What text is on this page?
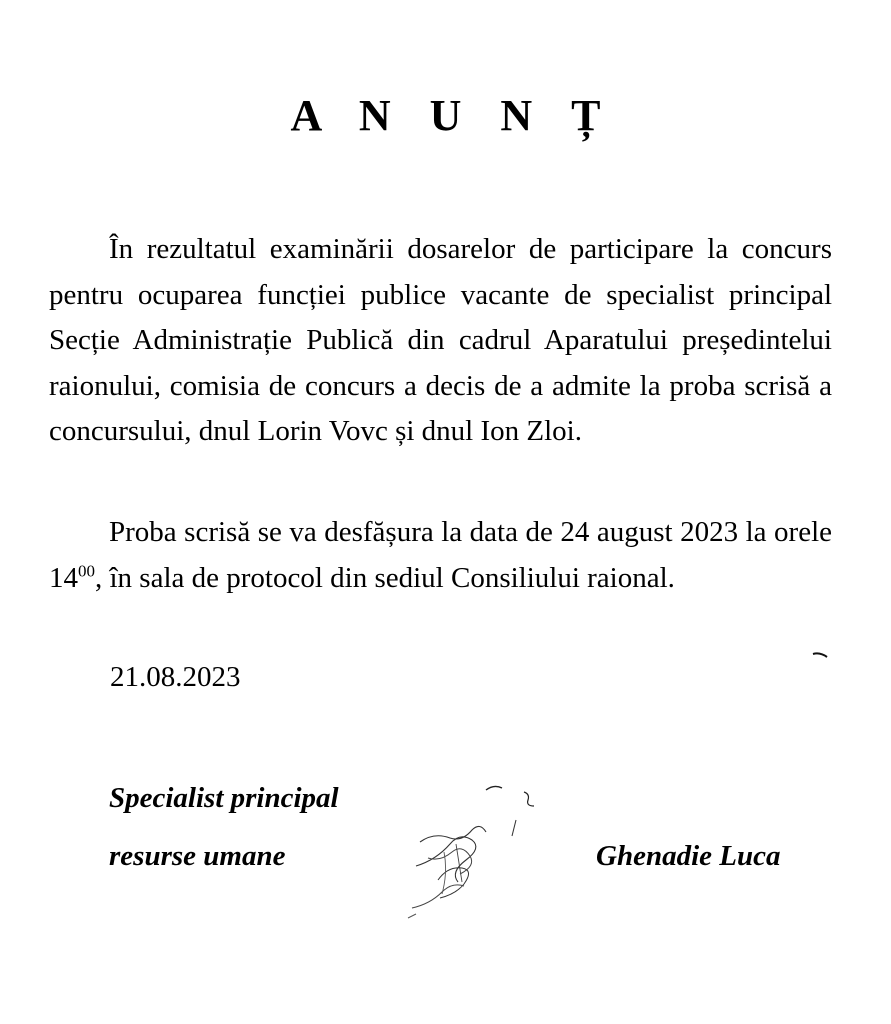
A N U N Ț

În rezultatul examinării dosarelor de participare la concurs pentru ocuparea funcției publice vacante de specialist principal Secție Administrație Publică din cadrul Aparatului președintelui raionului, comisia de concurs a decis de a admite la proba scrisă a concursului, dnul Lorin Vovc și dnul Ion Zloi.

Proba scrisă se va desfășura la data de 24 august 2023 la orele $14^{00}$, în sala de protocol din sediul Consiliului raional.

21.08.2023
Specialist principal
resurse umane	Ghenadie Luca
